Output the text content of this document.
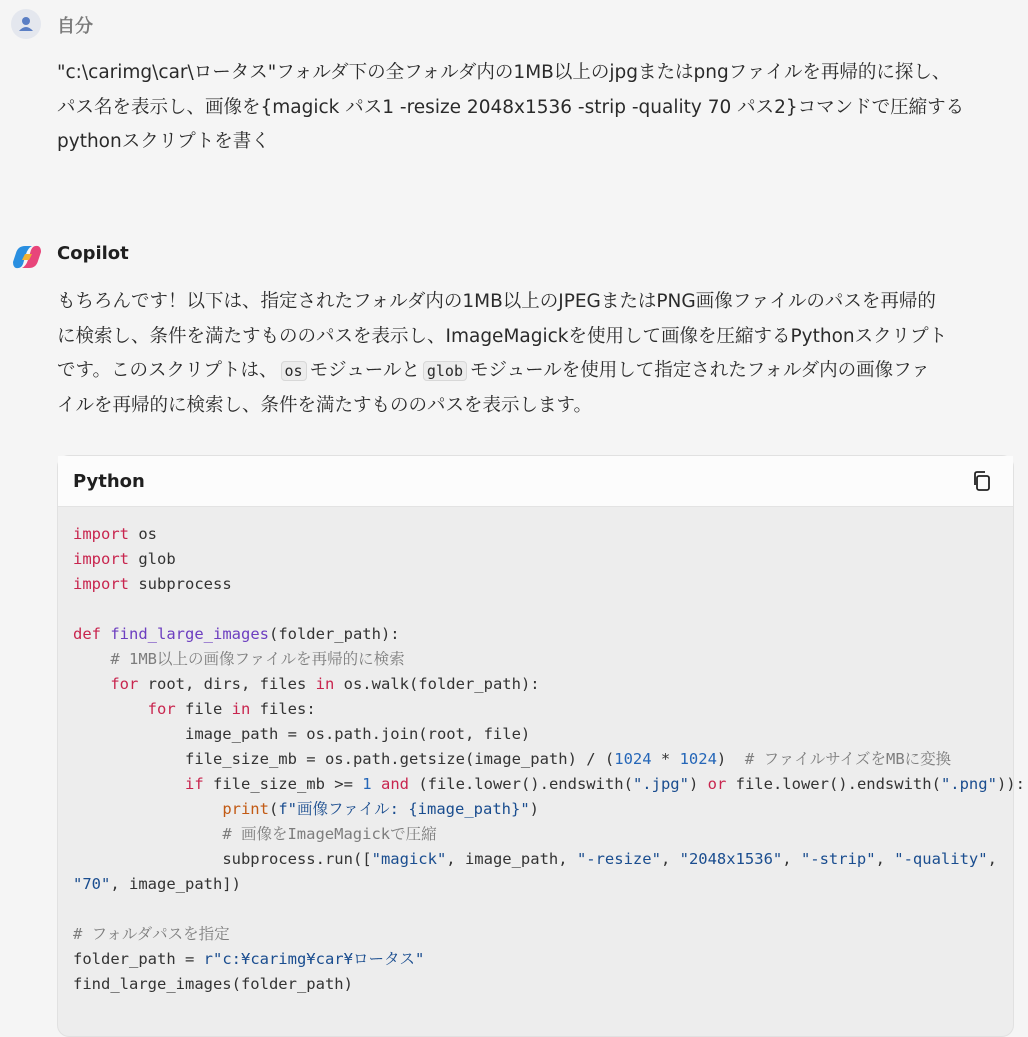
自分

"c:\carimg\car\ロータス"フォルダ下の全フォルダ内の1MB以上のjpgまたはpngファイルを再帰的に探し、
パス名を表示し、画像を{magick パス1 -resize 2048x1536 -strip -quality 70 パス2}コマンドで圧縮する
pythonスクリプトを書く

Copilot

もちろんです！以下は、指定されたフォルダ内の1MB以上のJPEGまたはPNG画像ファイルのパスを再帰的
に検索し、条件を満たすもののパスを表示し、ImageMagickを使用して画像を圧縮するPythonスクリプト
です。このスクリプトは、 os モジュールと glob モジュールを使用して指定されたフォルダ内の画像ファ
イルを再帰的に検索し、条件を満たすもののパスを表示します。

Python
import os
import glob
import subprocess

def find_large_images(folder_path):
# 1MB以上の画像ファイルを再帰的に検索
for root, dirs, files in os.walk(folder_path):
for file in files:
image_path = os.path.join(root, file)
file_size_mb = os.path.getsize(image_path) / (1024 * 1024)  # ファイルサイズをMBに変換
if file_size_mb >= 1 and (file.lower().endswith(".jpg") or file.lower().endswith(".png")):
print(f"画像ファイル: {image_path}")
# 画像をImageMagickで圧縮
subprocess.run(["magick", image_path, "-resize", "2048x1536", "-strip", "-quality",
"70", image_path])

# フォルダパスを指定
folder_path = r"c:¥carimg¥car¥ロータス"
find_large_images(folder_path)
